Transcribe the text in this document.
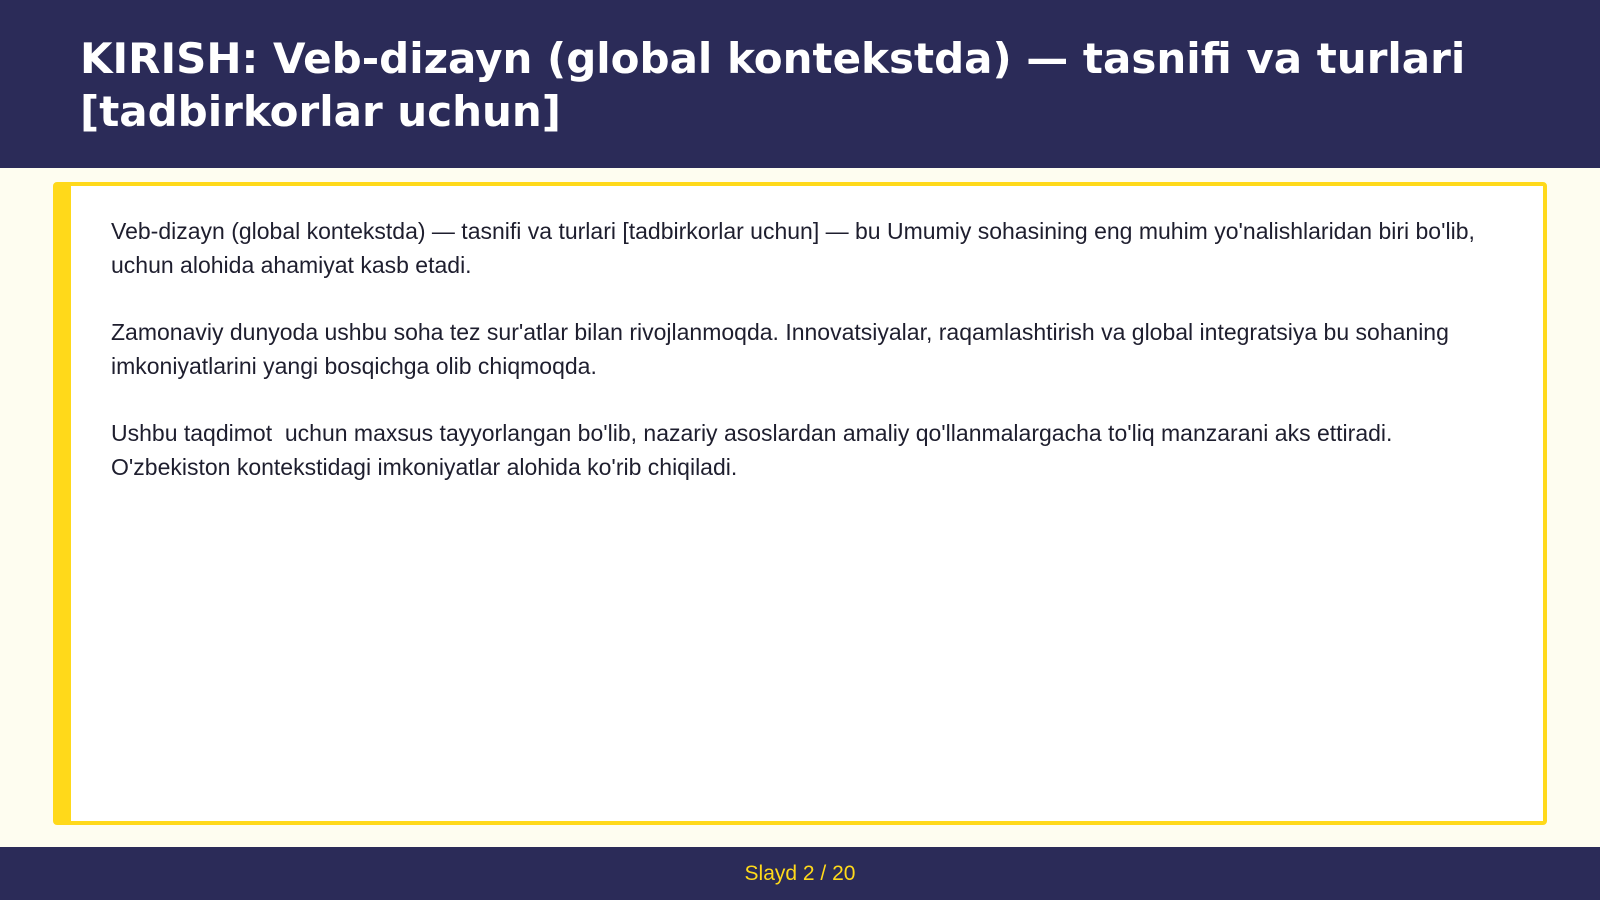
KIRISH: Veb-dizayn (global kontekstda) — tasnifi va turlari [tadbirkorlar uchun]

Veb-dizayn (global kontekstda) — tasnifi va turlari [tadbirkorlar uchun] — bu Umumiy sohasining eng muhim yo'nalishlaridan biri bo'lib,  uchun alohida ahamiyat kasb etadi.

Zamonaviy dunyoda ushbu soha tez sur'atlar bilan rivojlanmoqda. Innovatsiyalar, raqamlashtirish va global integratsiya bu sohaning imkoniyatlarini yangi bosqichga olib chiqmoqda.

Ushbu taqdimot  uchun maxsus tayyorlangan bo'lib, nazariy asoslardan amaliy qo'llanmalargacha to'liq manzarani aks ettiradi. O'zbekiston kontekstidagi imkoniyatlar alohida ko'rib chiqiladi.

Slayd 2 / 20
